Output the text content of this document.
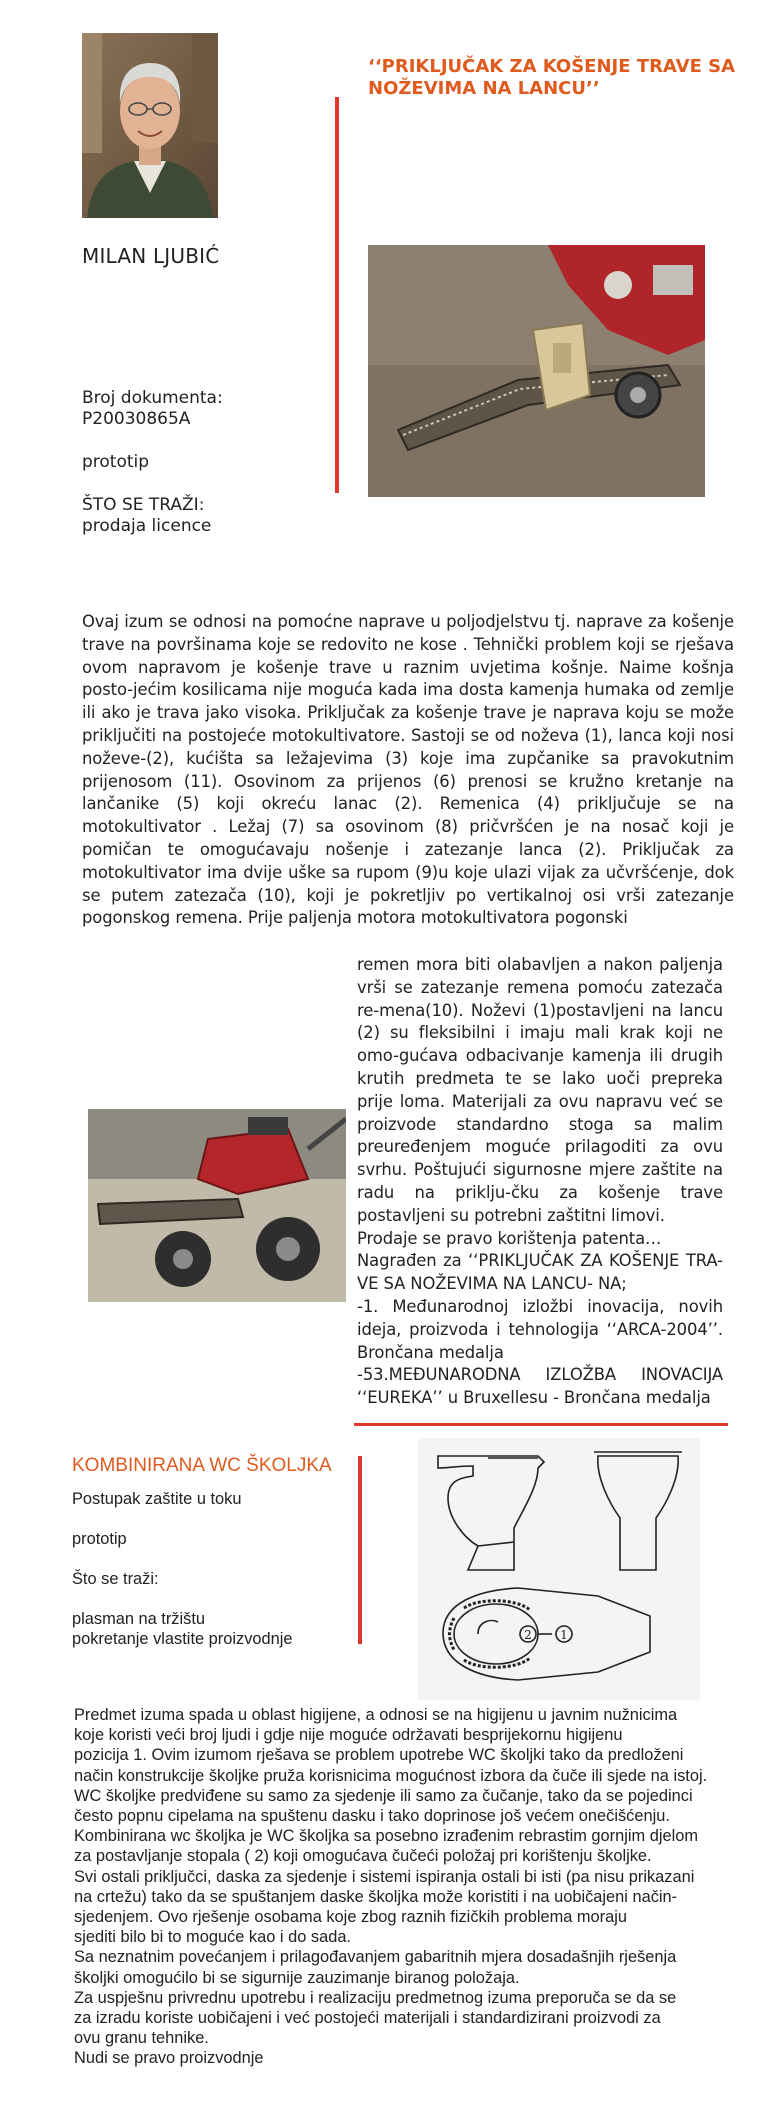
MILAN LJUBIĆ
Broj dokumenta:
P20030865A
prototip
ŠTO SE TRAŽI:
prodaja licence
‘‘PRIKLJUČAK ZA KOŠENJE TRAVE SA
NOŽEVIMA NA LANCU’’

Ovaj izum se odnosi na pomoćne naprave u poljodjelstvu tj. naprave za košenje trave na površinama koje se redovito ne kose . Tehnički problem koji se rješava ovom napravom je košenje trave u raznim uvjetima košnje. Naime košnja posto-jećim kosilicama nije moguća kada ima dosta kamenja humaka od zemlje ili ako je trava jako visoka. Priključak za košenje trave je naprava koju se može priključiti na postojeće motokultivatore. Sastoji se od noževa (1), lanca koji nosi noževe-(2), kućišta sa ležajevima (3) koje ima zupčanike sa pravokutnim prijenosom (11). Osovinom za prijenos (6) prenosi se kružno kretanje na lančanike (5) koji okreću lanac (2). Remenica (4) priključuje se na motokultivator . Ležaj (7) sa osovinom (8) pričvršćen je na nosač koji je pomičan te omogućavaju nošenje i zatezanje lanca (2). Priključak za motokultivator ima dvije uške sa rupom (9)u koje ulazi vijak za učvršćenje, dok se putem zatezača (10), koji je pokretljiv po vertikalnoj osi vrši zatezanje pogonskog remena. Prije paljenja motora motokultivatora pogonski

remen mora biti olabavljen a nakon paljenja vrši se zatezanje remena pomoću zatezača re-mena(10). Noževi (1)postavljeni na lancu (2) su fleksibilni i imaju mali krak koji ne omo-gućava odbacivanje kamenja ili drugih krutih predmeta te se lako uoči prepreka prije loma. Materijali za ovu napravu već se proizvode standardno stoga sa malim preuređenjem moguće prilagoditi za ovu svrhu. Poštujući sigurnosne mjere zaštite na radu na priklju-čku za košenje trave postavljeni su potrebni zaštitni limovi.

Prodaje se pravo korištenja patenta…

Nagrađen za ‘‘PRIKLJUČAK ZA KOŠENJE TRA-VE SA NOŽEVIMA NA LANCU- NA;

-1. Međunarodnoj izložbi inovacija, novih ideja, proizvoda i tehnologija ‘‘ARCA-2004’’. Brončana medalja

-53.MEĐUNARODNA IZLOŽBA INOVACIJA ‘‘EUREKA’’ u Bruxellesu - Brončana medalja

KOMBINIRANA WC ŠKOLJKA
Postupak zaštite u toku
prototip
Što se traži:
plasman na tržištu
pokretanje vlastite proizvodnje	2 1
Predmet izuma spada u oblast higijene, a odnosi se na higijenu u javnim nužnicima
koje koristi veći broj ljudi i gdje nije moguće održavati besprijekornu higijenu
pozicija 1. Ovim izumom rješava se problem upotrebe WC školjki tako da predloženi
način konstrukcije školjke pruža korisnicima mogućnost izbora da čuče ili sjede na istoj.
WC školjke predviđene su samo za sjedenje ili samo za čučanje, tako da se pojedinci
često popnu cipelama na spuštenu dasku i tako doprinose još većem onečišćenju.
Kombinirana wc školjka je WC školjka sa posebno izrađenim rebrastim gornjim djelom
za postavljanje stopala ( 2) koji omogućava čučeći položaj pri korištenju školjke.
Svi ostali priključci, daska za sjedenje i sistemi ispiranja ostali bi isti (pa nisu prikazani
na crtežu) tako da se spuštanjem daske školjka može koristiti i na uobičajeni način-
sjedenjem. Ovo rješenje osobama koje zbog raznih fizičkih problema moraju
sjediti bilo bi to moguće kao i do sada.
Sa neznatnim povećanjem i prilagođavanjem gabaritnih mjera dosadašnjih rješenja
školjki omogućilo bi se sigurnije zauzimanje biranog položaja.
Za uspješnu privrednu upotrebu i realizaciju predmetnog izuma preporuča se da se
za izradu koriste uobičajeni i već postojeći materijali i standardizirani proizvodi za
ovu granu tehnike.
Nudi se pravo proizvodnje
